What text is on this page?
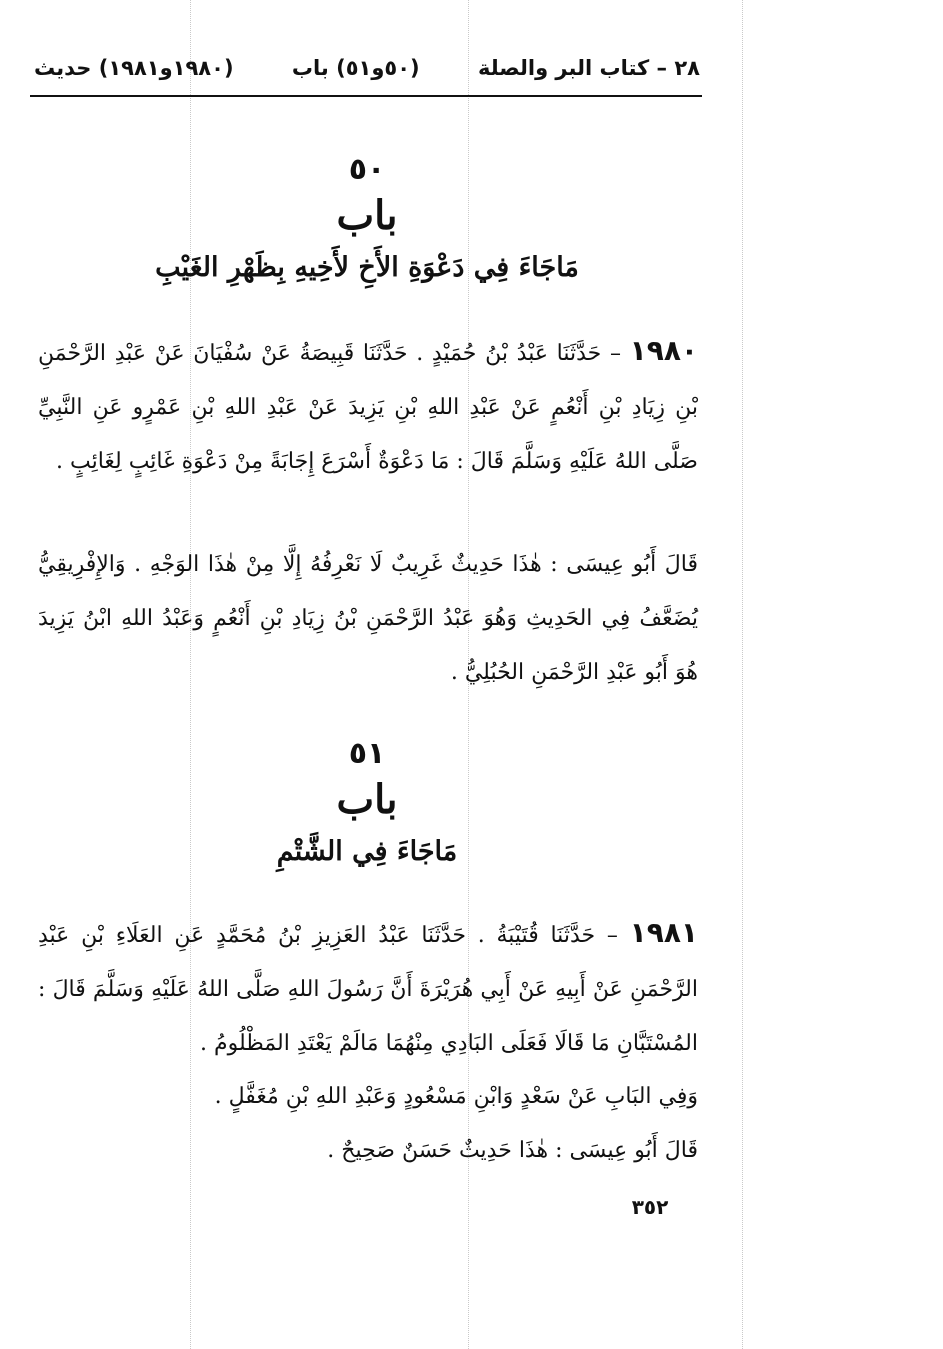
٢٨ – كتاب البر والصلة
(٥٠و٥١) باب
(١٩٨٠و١٩٨١) حديث
٥٠
باب
مَاجَاءَ فِي دَعْوَةِ الأَخِ لأَخِيهِ بِظَهْرِ الغَيْبِ
١٩٨٠ – حَدَّثَنَا عَبْدُ بْنُ حُمَيْدٍ . حَدَّثَنَا قَبِيصَةُ عَنْ سُفْيَانَ عَنْ عَبْدِ الرَّحْمَنِ بْنِ زِيَادِ بْنِ أَنْعُمٍ عَنْ عَبْدِ اللهِ بْنِ يَزِيدَ عَنْ عَبْدِ اللهِ بْنِ عَمْرٍو عَنِ النَّبِيِّ صَلَّى اللهُ عَلَيْهِ وَسَلَّمَ قَالَ : مَا دَعْوَةٌ أَسْرَعَ إِجَابَةً مِنْ دَعْوَةِ غَائِبٍ لِغَائِبٍ .
قَالَ أَبُو عِيسَى : هٰذَا حَدِيثٌ غَرِيبٌ لَا نَعْرِفُهُ إِلَّا مِنْ هٰذَا الوَجْهِ . وَالإِفْرِيقِيُّ يُضَعَّفُ فِي الحَدِيثِ وَهُوَ عَبْدُ الرَّحْمَنِ بْنُ زِيَادِ بْنِ أَنْعُمٍ وَعَبْدُ اللهِ ابْنُ يَزِيدَ هُوَ أَبُو عَبْدِ الرَّحْمَنِ الحُبُلِيُّ .
٥١
باب
مَاجَاءَ فِي الشَّتْمِ
١٩٨١ – حَدَّثَنَا قُتَيْبَةُ . حَدَّثَنَا عَبْدُ العَزِيزِ بْنُ مُحَمَّدٍ عَنِ العَلَاءِ بْنِ عَبْدِ الرَّحْمَنِ عَنْ أَبِيهِ عَنْ أَبِي هُرَيْرَةَ أَنَّ رَسُولَ اللهِ صَلَّى اللهُ عَلَيْهِ وَسَلَّمَ قَالَ : المُسْتَبَّانِ مَا قَالَا فَعَلَى البَادِي مِنْهُمَا مَالَمْ يَعْتَدِ المَظْلُومُ .
وَفِي البَابِ عَنْ سَعْدٍ وَابْنِ مَسْعُودٍ وَعَبْدِ اللهِ بْنِ مُغَفَّلٍ .
قَالَ أَبُو عِيسَى : هٰذَا حَدِيثٌ حَسَنٌ صَحِيحٌ .
٣٥٢
